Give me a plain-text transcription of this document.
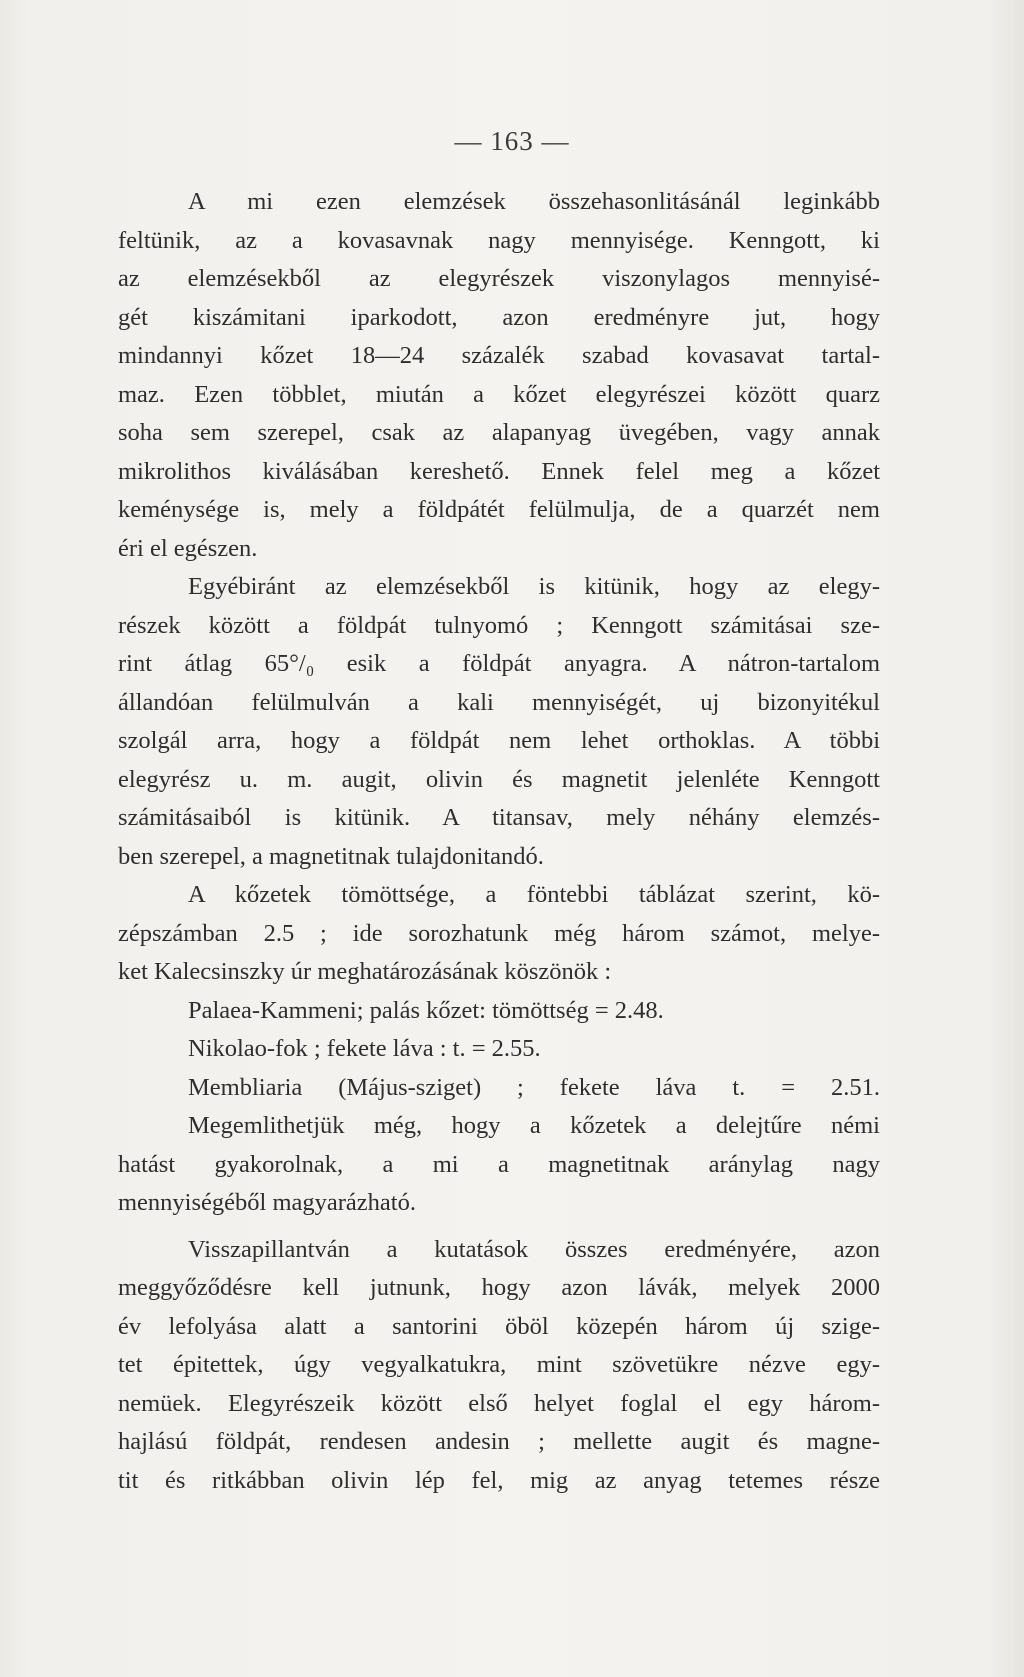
— 163 —
A mi ezen elemzések összehasonlitásánál leginkább
feltünik, az a kovasavnak nagy mennyisége. Kenngott, ki
az elemzésekből az elegyrészek viszonylagos mennyisé-
gét kiszámitani iparkodott, azon eredményre jut, hogy
mindannyi kőzet 18—24 százalék szabad kovasavat tartal-
maz. Ezen többlet, miután a kőzet elegyrészei között quarz
soha sem szerepel, csak az alapanyag üvegében, vagy annak
mikrolithos kiválásában kereshető. Ennek felel meg a kőzet
keménysége is, mely a földpátét felülmulja, de a quarzét nem
éri el egészen.
Egyébiránt az elemzésekből is kitünik, hogy az elegy-
részek között a földpát tulnyomó ; Kenngott számitásai sze-
rint átlag 65°/₀ esik a földpát anyagra. A nátron-tartalom
állandóan felülmulván a kali mennyiségét, uj bizonyitékul
szolgál arra, hogy a földpát nem lehet orthoklas. A többi
elegyrész u. m. augit, olivin és magnetit jelenléte Kenngott
számitásaiból is kitünik. A titansav, mely néhány elemzés-
ben szerepel, a magnetitnak tulajdonitandó.
A kőzetek tömöttsége, a föntebbi táblázat szerint, kö-
zépszámban 2.5 ; ide sorozhatunk még három számot, melye-
ket Kalecsinszky úr meghatározásának köszönök :
Palaea-Kammeni; palás kőzet: tömöttség = 2.48.
Nikolao-fok ; fekete láva : t. = 2.55.
Membliaria (Május-sziget) ; fekete láva t. = 2.51.
Megemlithetjük még, hogy a kőzetek a delejtűre némi
hatást gyakorolnak, a mi a magnetitnak aránylag nagy
mennyiségéből magyarázható.
Visszapillantván a kutatások összes eredményére, azon
meggyőződésre kell jutnunk, hogy azon lávák, melyek 2000
év lefolyása alatt a santorini öböl közepén három új szige-
tet épitettek, úgy vegyalkatukra, mint szövetükre nézve egy-
nemüek. Elegyrészeik között első helyet foglal el egy három-
hajlású földpát, rendesen andesin ; mellette augit és magne-
tit és ritkábban olivin lép fel, mig az anyag tetemes része
